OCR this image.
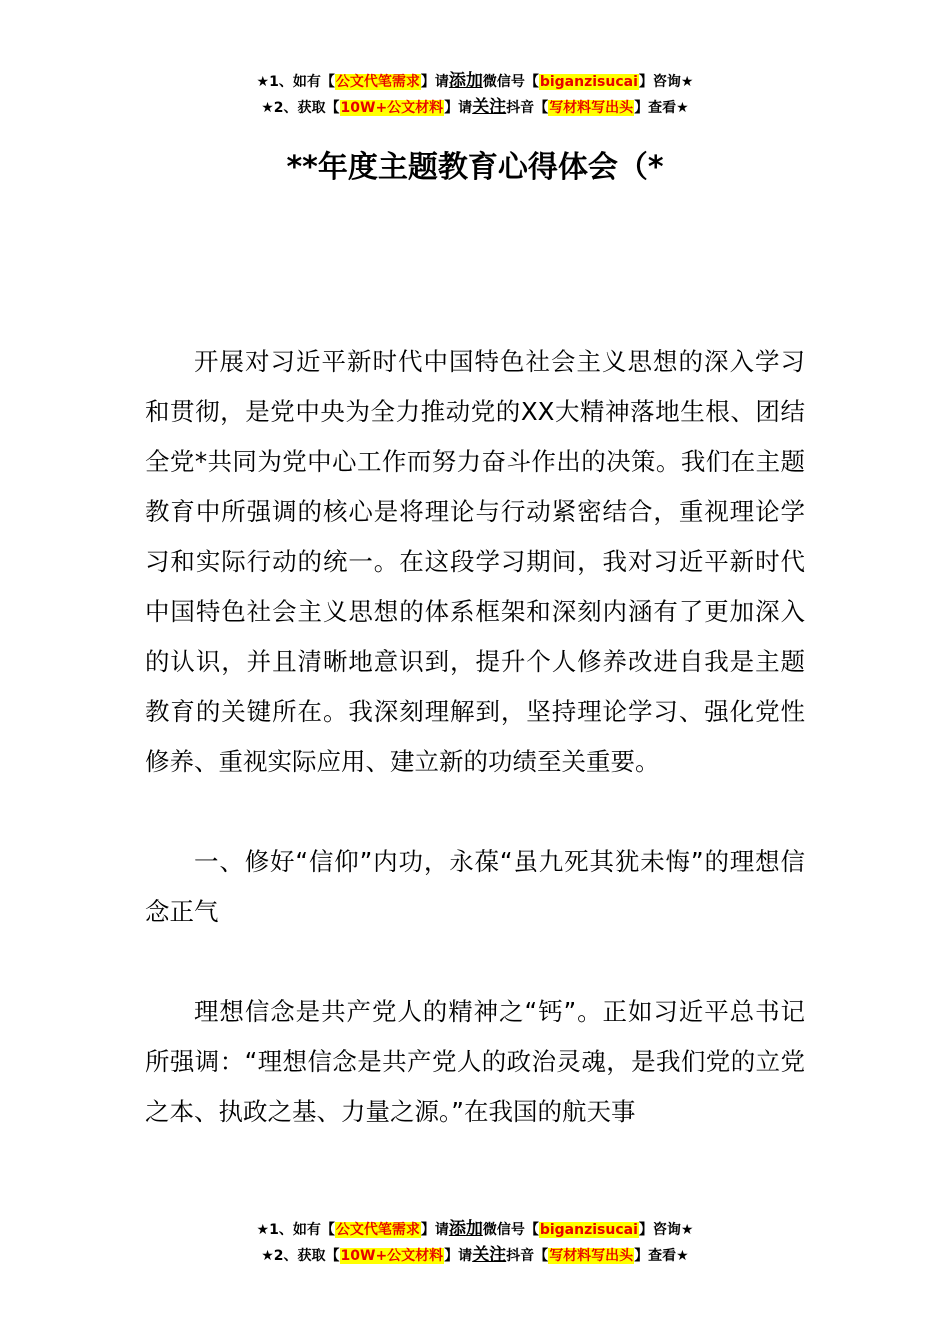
★1、如有【公文代笔需求】请添加微信号【biganzisucai】咨询★
★2、获取【10W+公文材料】请关注抖音【写材料写出头】查看★
**年度主题教育心得体会（*

开展对习近平新时代中国特色社会主义思想的深入学习和贯彻，是党中央为全力推动党的XX大精神落地生根、团结全党*共同为党中心工作而努力奋斗作出的决策。我们在主题教育中所强调的核心是将理论与行动紧密结合，重视理论学习和实际行动的统一。在这段学习期间，我对习近平新时代中国特色社会主义思想的体系框架和深刻内涵有了更加深入的认识，并且清晰地意识到，提升个人修养改进自我是主题教育的关键所在。我深刻理解到，坚持理论学习、强化党性修养、重视实际应用、建立新的功绩至关重要。

一、修好“信仰”内功，永葆“虽九死其犹未悔”的理想信念正气

理想信念是共产党人的精神之“钙”。正如习近平总书记所强调：“理想信念是共产党人的政治灵魂，是我们党的立党之本、执政之基、力量之源。”在我国的航天事

★1、如有【公文代笔需求】请添加微信号【biganzisucai】咨询★
★2、获取【10W+公文材料】请关注抖音【写材料写出头】查看★
